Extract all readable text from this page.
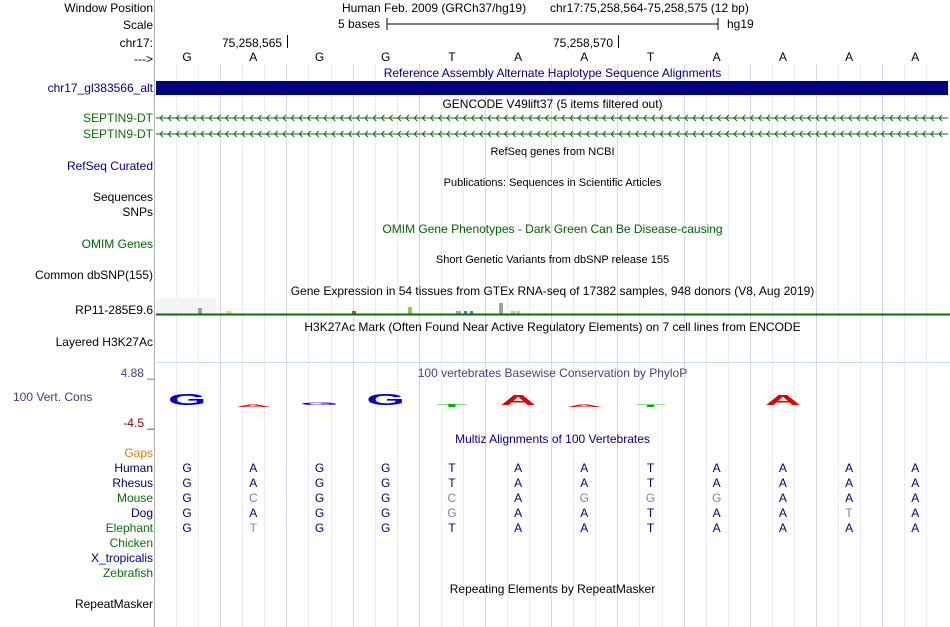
Window Position	Human Feb. 2009 (GRCh37/hg19) chr17:75,258,564-75,258,575 (12 bp)
Scale	5 bases	hg19
chr17:	75,258,565	75,258,570
---> G	A	G	G	T	A	A	T	A	A	A	A
Reference Assembly Alternate Haplotype Sequence Alignments
chr17_gl383566_alt
GENCODE V49lift37 (5 items filtered out)
SEPTIN9-DT
SEPTIN9-DT
RefSeq genes from NCBI
RefSeq Curated
Publications: Sequences in Scientific Articles
Sequences
SNPs
OMIM Gene Phenotypes - Dark Green Can Be Disease-causing
OMIM Genes
Short Genetic Variants from dbSNP release 155
Common dbSNP(155)
Gene Expression in 54 tissues from GTEx RNA-seq of 17382 samples, 948 donors (V8, Aug 2019)
RP11-285E9.6
H3K27Ac Mark (Often Found Near Active Regulatory Elements) on 7 cell lines from ENCODE
Layered H3K27Ac
100 vertebrates Basewise Conservation by PhyloP
4.88 _
100 Vert. Cons
-4.5 _
G A G G T A A T	A
Multiz Alignments of 100 Vertebrates
Gaps
Human G	A	G	G	T	A	A	T	A	A	A	A
Rhesus G	A	G	G	T	A	A	T	A	A	A	A
Mouse G	C	G	G	C	A	G	G	G	A	A	A
Dog G	A	G	G	G	A	A	T	A	A	T	A
Elephant G	T	G	G	T	A	A	T	A	A	A	A
Chicken
X_tropicalis
Zebrafish
Repeating Elements by RepeatMasker
RepeatMasker
